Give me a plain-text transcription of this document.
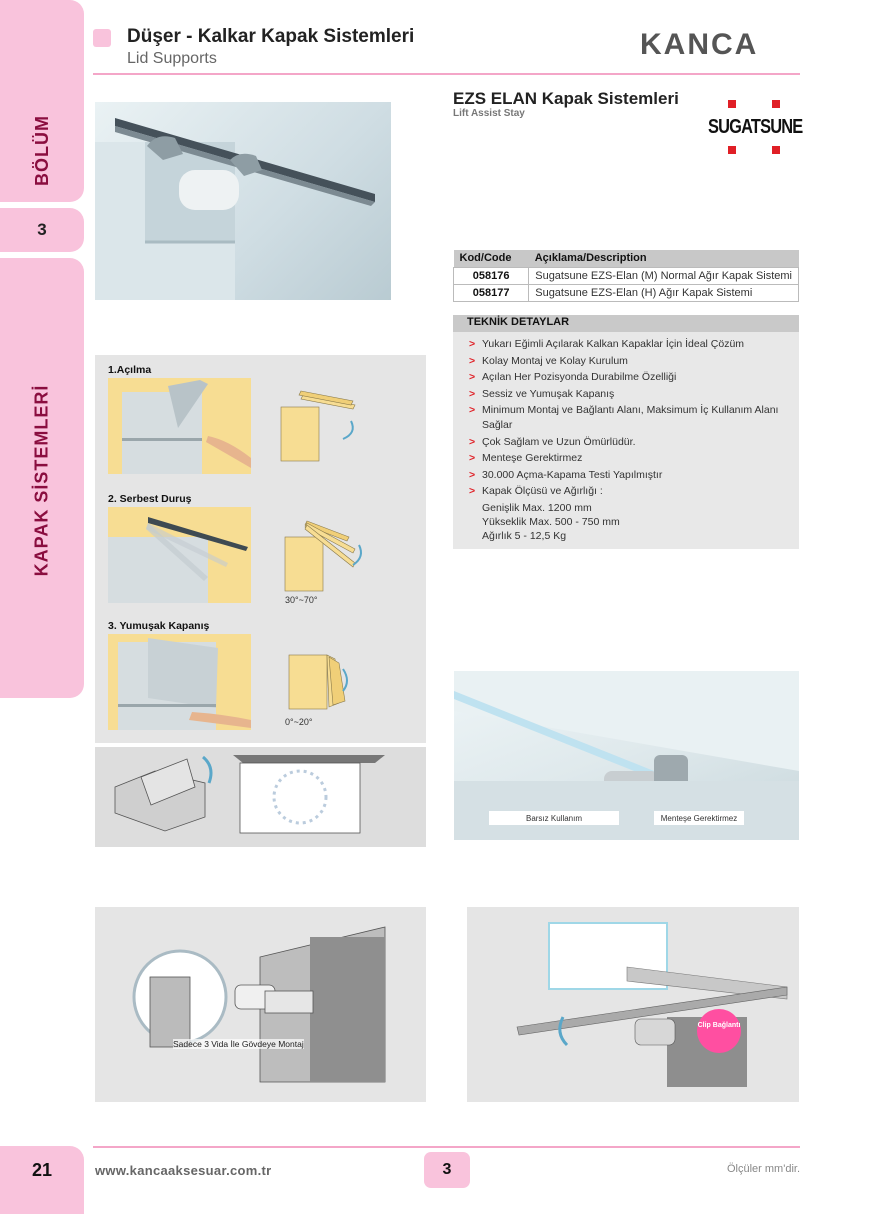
BÖLÜM
3
KAPAK SİSTEMLERİ
21
Düşer - Kalkar Kapak Sistemleri
Lid Supports	KANCA
EZS ELAN Kapak Sistemleri
Lift Assist Stay
SUGATSUNE
Kod/Code	Açıklama/Description
058176	Sugatsune EZS-Elan (M) Normal Ağır Kapak Sistemi
058177	Sugatsune EZS-Elan (H) Ağır Kapak Sistemi
TEKNİK DETAYLAR
> Yukarı Eğimli Açılarak Kalkan Kapaklar İçin İdeal Çözüm
> Kolay Montaj ve Kolay Kurulum
> Açılan Her Pozisyonda Durabilme Özelliği
> Sessiz ve Yumuşak Kapanış
> Minimum Montaj ve Bağlantı Alanı, Maksimum İç Kullanım Alanı Sağlar
> Çok Sağlam ve Uzun Ömürlüdür.
> Menteşe Gerektirmez
> 30.000 Açma-Kapama Testi Yapılmıştır
> Kapak Ölçüsü ve Ağırlığı :
Genişlik Max. 1200 mm
Yükseklik Max. 500 - 750 mm
Ağırlık 5 - 12,5 Kg
1.Açılma
2. Serbest Duruş
30°~70°
3. Yumuşak Kapanış
0°~20°
Barsız Kullanım	Menteşe Gerektirmez
Sadece 3 Vida İle Gövdeye Montaj
Clip Bağlantı
www.kancaaksesuar.com.tr	3	Ölçüler mm'dir.
